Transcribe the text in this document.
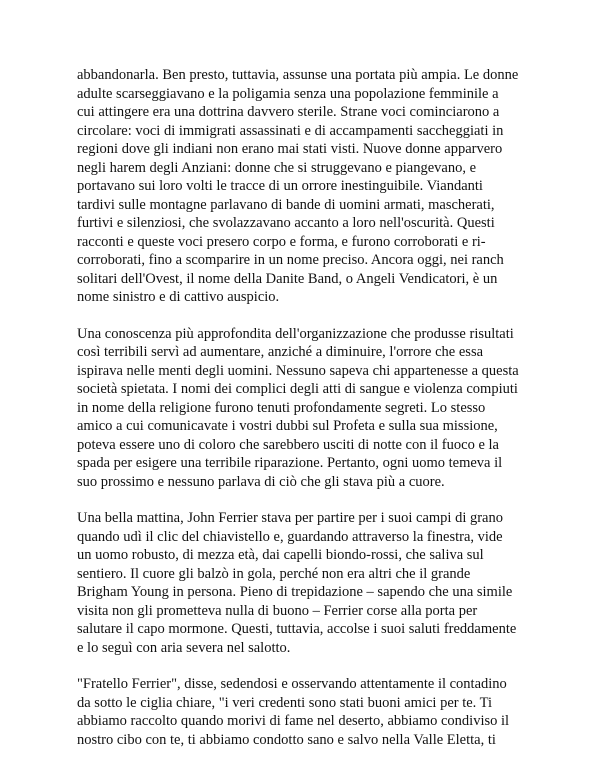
abbandonarla. Ben presto, tuttavia, assunse una portata più ampia. Le donne
adulte scarseggiavano e la poligamia senza una popolazione femminile a
cui attingere era una dottrina davvero sterile. Strane voci cominciarono a
circolare: voci di immigrati assassinati e di accampamenti saccheggiati in
regioni dove gli indiani non erano mai stati visti. Nuove donne apparvero
negli harem degli Anziani: donne che si struggevano e piangevano, e
portavano sui loro volti le tracce di un orrore inestinguibile. Viandanti
tardivi sulle montagne parlavano di bande di uomini armati, mascherati,
furtivi e silenziosi, che svolazzavano accanto a loro nell'oscurità. Questi
racconti e queste voci presero corpo e forma, e furono corroborati e ri-
corroborati, fino a scomparire in un nome preciso. Ancora oggi, nei ranch
solitari dell'Ovest, il nome della Danite Band, o Angeli Vendicatori, è un
nome sinistro e di cattivo auspicio.

Una conoscenza più approfondita dell'organizzazione che produsse risultati
così terribili servì ad aumentare, anziché a diminuire, l'orrore che essa
ispirava nelle menti degli uomini. Nessuno sapeva chi appartenesse a questa
società spietata. I nomi dei complici degli atti di sangue e violenza compiuti
in nome della religione furono tenuti profondamente segreti. Lo stesso
amico a cui comunicavate i vostri dubbi sul Profeta e sulla sua missione,
poteva essere uno di coloro che sarebbero usciti di notte con il fuoco e la
spada per esigere una terribile riparazione. Pertanto, ogni uomo temeva il
suo prossimo e nessuno parlava di ciò che gli stava più a cuore.

Una bella mattina, John Ferrier stava per partire per i suoi campi di grano
quando udì il clic del chiavistello e, guardando attraverso la finestra, vide
un uomo robusto, di mezza età, dai capelli biondo-rossi, che saliva sul
sentiero. Il cuore gli balzò in gola, perché non era altri che il grande
Brigham Young in persona. Pieno di trepidazione – sapendo che una simile
visita non gli prometteva nulla di buono – Ferrier corse alla porta per
salutare il capo mormone. Questi, tuttavia, accolse i suoi saluti freddamente
e lo seguì con aria severa nel salotto.

"Fratello Ferrier", disse, sedendosi e osservando attentamente il contadino
da sotto le ciglia chiare, "i veri credenti sono stati buoni amici per te. Ti
abbiamo raccolto quando morivi di fame nel deserto, abbiamo condiviso il
nostro cibo con te, ti abbiamo condotto sano e salvo nella Valle Eletta, ti
